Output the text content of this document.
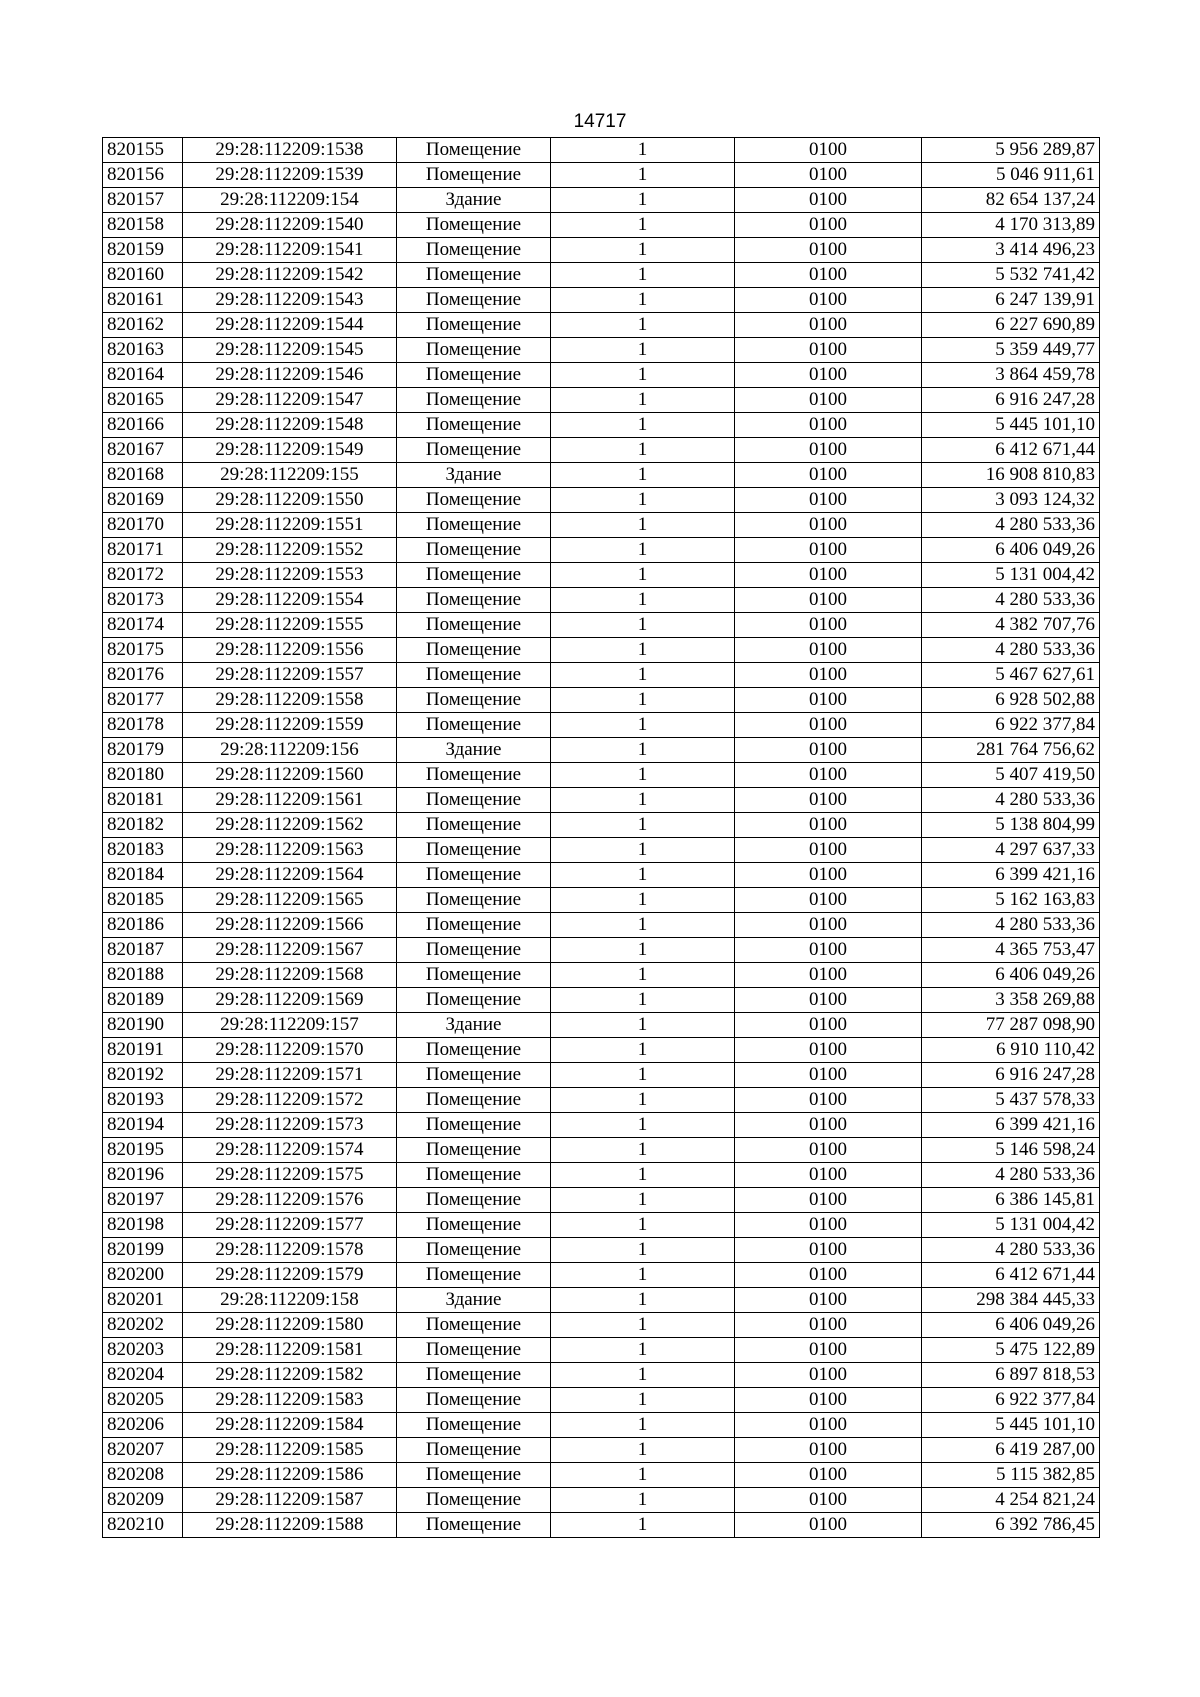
14717
820155	29:28:112209:1538	Помещение	1	0100	5 956 289,87
820156	29:28:112209:1539	Помещение	1	0100	5 046 911,61
820157	29:28:112209:154	Здание	1	0100	82 654 137,24
820158	29:28:112209:1540	Помещение	1	0100	4 170 313,89
820159	29:28:112209:1541	Помещение	1	0100	3 414 496,23
820160	29:28:112209:1542	Помещение	1	0100	5 532 741,42
820161	29:28:112209:1543	Помещение	1	0100	6 247 139,91
820162	29:28:112209:1544	Помещение	1	0100	6 227 690,89
820163	29:28:112209:1545	Помещение	1	0100	5 359 449,77
820164	29:28:112209:1546	Помещение	1	0100	3 864 459,78
820165	29:28:112209:1547	Помещение	1	0100	6 916 247,28
820166	29:28:112209:1548	Помещение	1	0100	5 445 101,10
820167	29:28:112209:1549	Помещение	1	0100	6 412 671,44
820168	29:28:112209:155	Здание	1	0100	16 908 810,83
820169	29:28:112209:1550	Помещение	1	0100	3 093 124,32
820170	29:28:112209:1551	Помещение	1	0100	4 280 533,36
820171	29:28:112209:1552	Помещение	1	0100	6 406 049,26
820172	29:28:112209:1553	Помещение	1	0100	5 131 004,42
820173	29:28:112209:1554	Помещение	1	0100	4 280 533,36
820174	29:28:112209:1555	Помещение	1	0100	4 382 707,76
820175	29:28:112209:1556	Помещение	1	0100	4 280 533,36
820176	29:28:112209:1557	Помещение	1	0100	5 467 627,61
820177	29:28:112209:1558	Помещение	1	0100	6 928 502,88
820178	29:28:112209:1559	Помещение	1	0100	6 922 377,84
820179	29:28:112209:156	Здание	1	0100	281 764 756,62
820180	29:28:112209:1560	Помещение	1	0100	5 407 419,50
820181	29:28:112209:1561	Помещение	1	0100	4 280 533,36
820182	29:28:112209:1562	Помещение	1	0100	5 138 804,99
820183	29:28:112209:1563	Помещение	1	0100	4 297 637,33
820184	29:28:112209:1564	Помещение	1	0100	6 399 421,16
820185	29:28:112209:1565	Помещение	1	0100	5 162 163,83
820186	29:28:112209:1566	Помещение	1	0100	4 280 533,36
820187	29:28:112209:1567	Помещение	1	0100	4 365 753,47
820188	29:28:112209:1568	Помещение	1	0100	6 406 049,26
820189	29:28:112209:1569	Помещение	1	0100	3 358 269,88
820190	29:28:112209:157	Здание	1	0100	77 287 098,90
820191	29:28:112209:1570	Помещение	1	0100	6 910 110,42
820192	29:28:112209:1571	Помещение	1	0100	6 916 247,28
820193	29:28:112209:1572	Помещение	1	0100	5 437 578,33
820194	29:28:112209:1573	Помещение	1	0100	6 399 421,16
820195	29:28:112209:1574	Помещение	1	0100	5 146 598,24
820196	29:28:112209:1575	Помещение	1	0100	4 280 533,36
820197	29:28:112209:1576	Помещение	1	0100	6 386 145,81
820198	29:28:112209:1577	Помещение	1	0100	5 131 004,42
820199	29:28:112209:1578	Помещение	1	0100	4 280 533,36
820200	29:28:112209:1579	Помещение	1	0100	6 412 671,44
820201	29:28:112209:158	Здание	1	0100	298 384 445,33
820202	29:28:112209:1580	Помещение	1	0100	6 406 049,26
820203	29:28:112209:1581	Помещение	1	0100	5 475 122,89
820204	29:28:112209:1582	Помещение	1	0100	6 897 818,53
820205	29:28:112209:1583	Помещение	1	0100	6 922 377,84
820206	29:28:112209:1584	Помещение	1	0100	5 445 101,10
820207	29:28:112209:1585	Помещение	1	0100	6 419 287,00
820208	29:28:112209:1586	Помещение	1	0100	5 115 382,85
820209	29:28:112209:1587	Помещение	1	0100	4 254 821,24
820210	29:28:112209:1588	Помещение	1	0100	6 392 786,45
